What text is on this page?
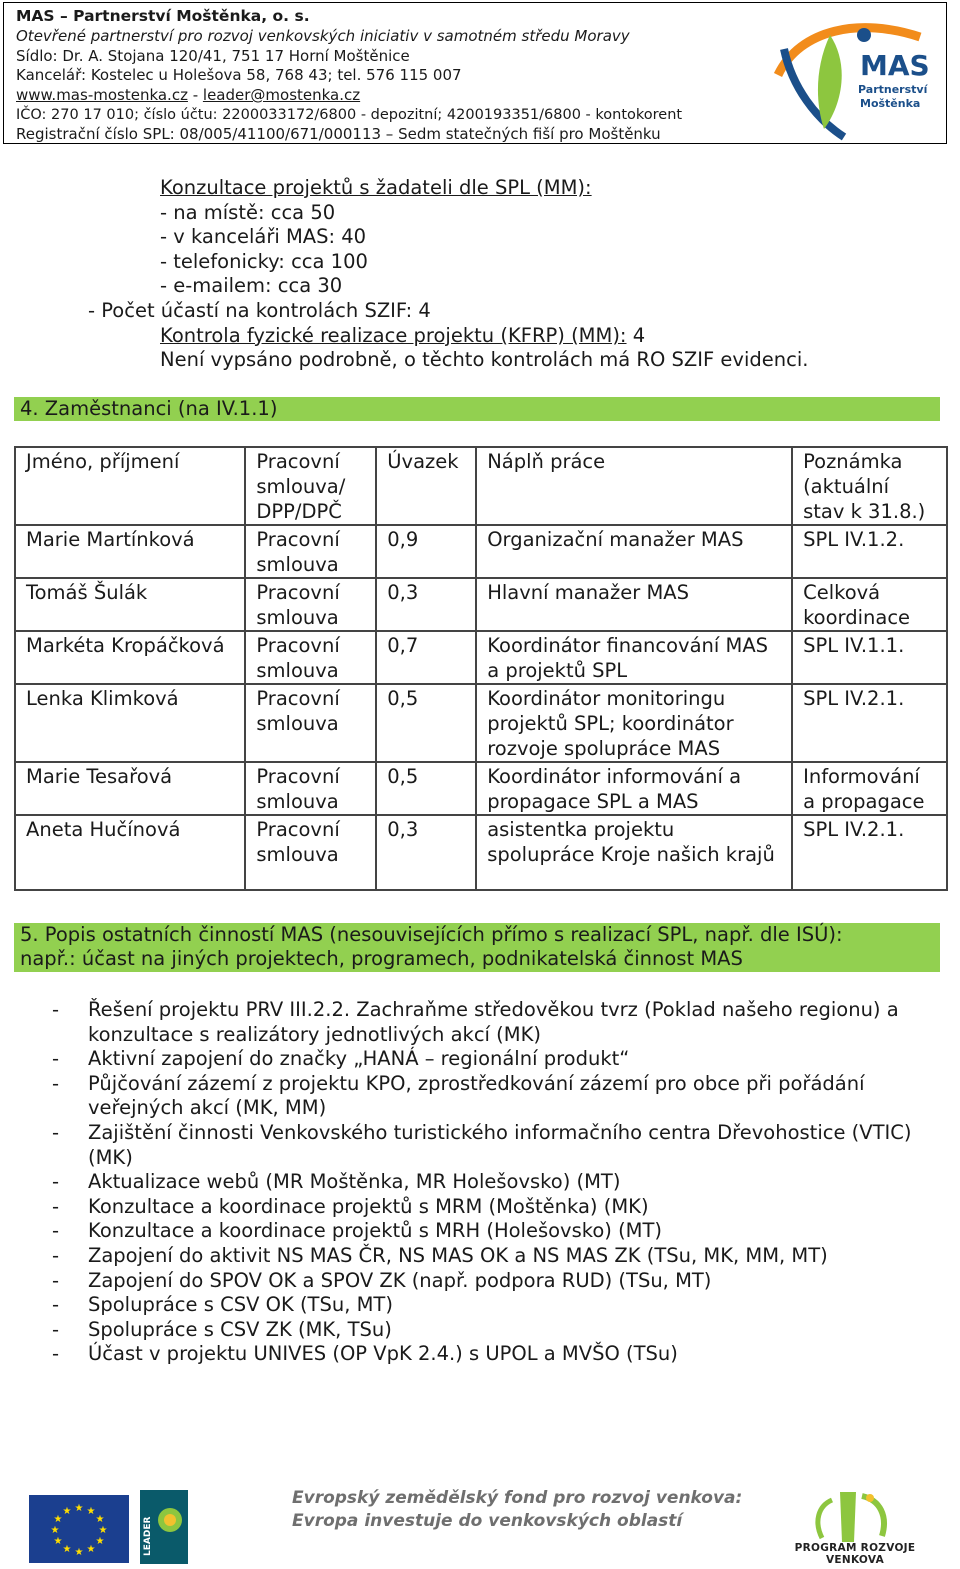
MAS – Partnerství Moštěnka, o. s.
Otevřené partnerství pro rozvoj venkovských iniciativ v samotném středu Moravy
Sídlo: Dr. A. Stojana 120/41, 751 17 Horní Moštěnice
Kancelář: Kostelec u Holešova 58, 768 43; tel. 576 115 007
www.mas-mostenka.cz - leader@mostenka.cz
IČO: 270 17 010; číslo účtu: 2200033172/6800 - depozitní; 4200193351/6800 - kontokorent
Registrační číslo SPL: 08/005/41100/671/000113 – Sedm statečných fiší pro Moštěnku
MAS
Partnerství
Moštěnka
Konzultace projektů s žadateli dle SPL (MM):
- na místě: cca 50
- v kanceláři MAS: 40
- telefonicky: cca 100
- e-mailem: cca 30
- Počet účastí na kontrolách SZIF: 4
Kontrola fyzické realizace projektu (KFRP) (MM): 4
Není vypsáno podrobně, o těchto kontrolách má RO SZIF evidenci.
4. Zaměstnanci (na IV.1.1)
Jméno, příjmení	Pracovní smlouva/ DPP/DPČ	Úvazek	Náplň práce	Poznámka (aktuální stav k 31.8.)
Marie Martínková	Pracovní smlouva	0,9	Organizační manažer MAS	SPL IV.1.2.
Tomáš Šulák	Pracovní smlouva	0,3	Hlavní manažer MAS	Celková koordinace
Markéta Kropáčková	Pracovní smlouva	0,7	Koordinátor financování MAS a projektů SPL	SPL IV.1.1.
Lenka Klimková	Pracovní smlouva	0,5	Koordinátor monitoringu projektů SPL; koordinátor rozvoje spolupráce MAS	SPL IV.2.1.
Marie Tesařová	Pracovní smlouva	0,5	Koordinátor informování a propagace SPL a MAS	Informování a propagace
Aneta Hučínová	Pracovní smlouva	0,3	asistentka projektu spolupráce Kroje našich krajů	SPL IV.2.1.
5. Popis ostatních činností MAS (nesouvisejících přímo s realizací SPL, např. dle ISÚ):
např.: účast na jiných projektech, programech, podnikatelská činnost MAS
-	Řešení projektu PRV III.2.2. Zachraňme středověkou tvrz (Poklad našeho regionu) a konzultace s realizátory jednotlivých akcí (MK)
-	Aktivní zapojení do značky „HANÁ – regionální produkt“
-	Půjčování zázemí z projektu KPO, zprostředkování zázemí pro obce při pořádání veřejných akcí (MK, MM)
-	Zajištění činnosti Venkovského turistického informačního centra Dřevohostice (VTIC) (MK)
-	Aktualizace webů (MR Moštěnka, MR Holešovsko) (MT)
-	Konzultace a koordinace projektů s MRM (Moštěnka) (MK)
-	Konzultace a koordinace projektů s MRH (Holešovsko) (MT)
-	Zapojení do aktivit NS MAS ČR, NS MAS OK a NS MAS ZK (TSu, MK, MM, MT)
-	Zapojení do SPOV OK a SPOV ZK (např. podpora RUD) (TSu, MT)
-	Spolupráce s CSV OK (TSu, MT)
-	Spolupráce s CSV ZK (MK, TSu)
-	Účast v projektu UNIVES (OP VpK 2.4.) s UPOL a MVŠO (TSu)
★ ★
★
★
★
★
★
★
★
★
★
★
LEADER
Evropský zemědělský fond pro rozvoj venkova:
Evropa investuje do venkovských oblastí
PROGRAM ROZVOJE VENKOVA
